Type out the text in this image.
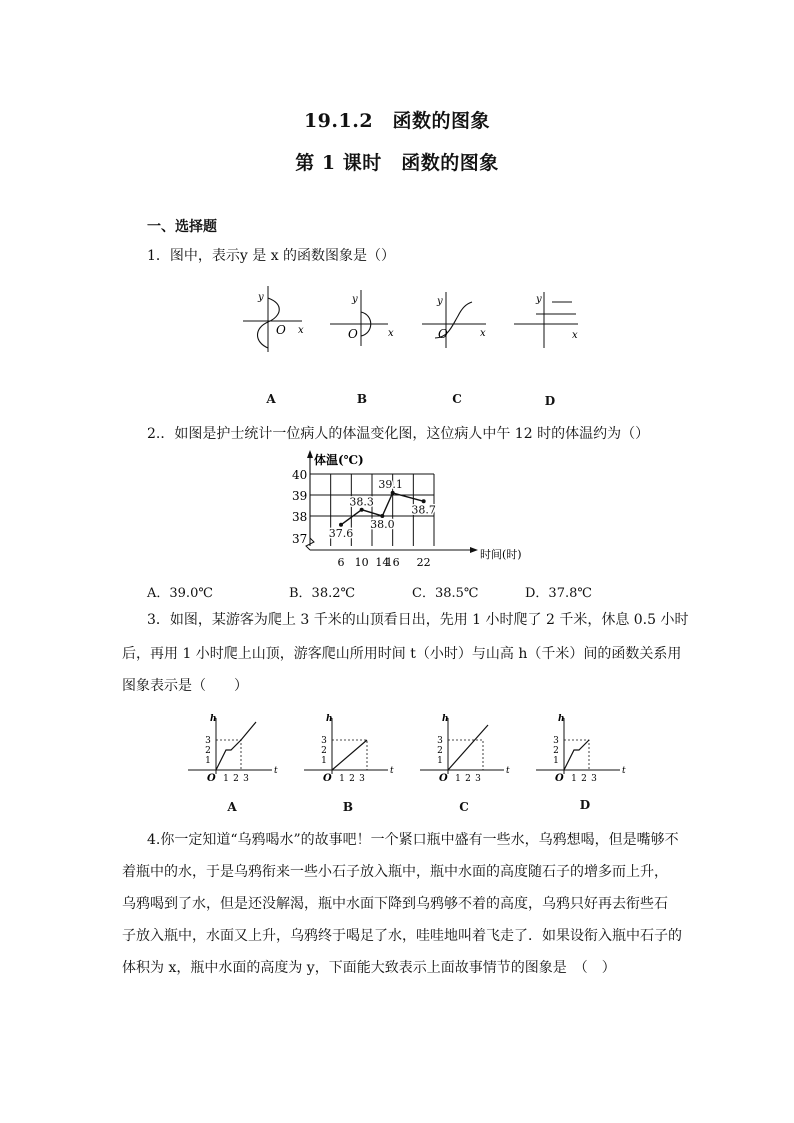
19.1.2　函数的图象
第 1 课时　函数的图象
一、选择题
1．图中，表示y 是 x 的函数图象是（）
y
O x
A
y
O	x
B
y
O	x
C
y
x
D
2.．如图是护士统计一位病人的体温变化图，这位病人中午 12 时的体温约为（）
体温(℃)
时间(时)
37
38
39
40
6 10 14
16 22
37.6
38.3
38.0
39.1
38.7
A．39.0℃	B．38.2℃	C．38.5℃	D．37.8℃
3．如图，某游客为爬上 3 千米的山顶看日出，先用 1 小时爬了 2 千米，休息 0.5 小时
后，再用 1 小时爬上山顶，游客爬山所用时间 t（小时）与山高 h（千米）间的函数关系用
图象表示是（　　）
h
t
O 1
1
2
2
3
3
A
h
t
O 1
1
2
2
3
3
B
h
t
O 1
1
2
2
3
3
C
h
t
O 1
1
2
2
3
3
D
4.你一定知道“乌鸦喝水”的故事吧！一个紧口瓶中盛有一些水，乌鸦想喝，但是嘴够不
着瓶中的水，于是乌鸦衔来一些小石子放入瓶中，瓶中水面的高度随石子的增多而上升，
乌鸦喝到了水，但是还没解渴，瓶中水面下降到乌鸦够不着的高度，乌鸦只好再去衔些石
子放入瓶中，水面又上升，乌鸦终于喝足了水，哇哇地叫着飞走了．如果设衔入瓶中石子的
体积为 x，瓶中水面的高度为 y，下面能大致表示上面故事情节的图象是　（　）
